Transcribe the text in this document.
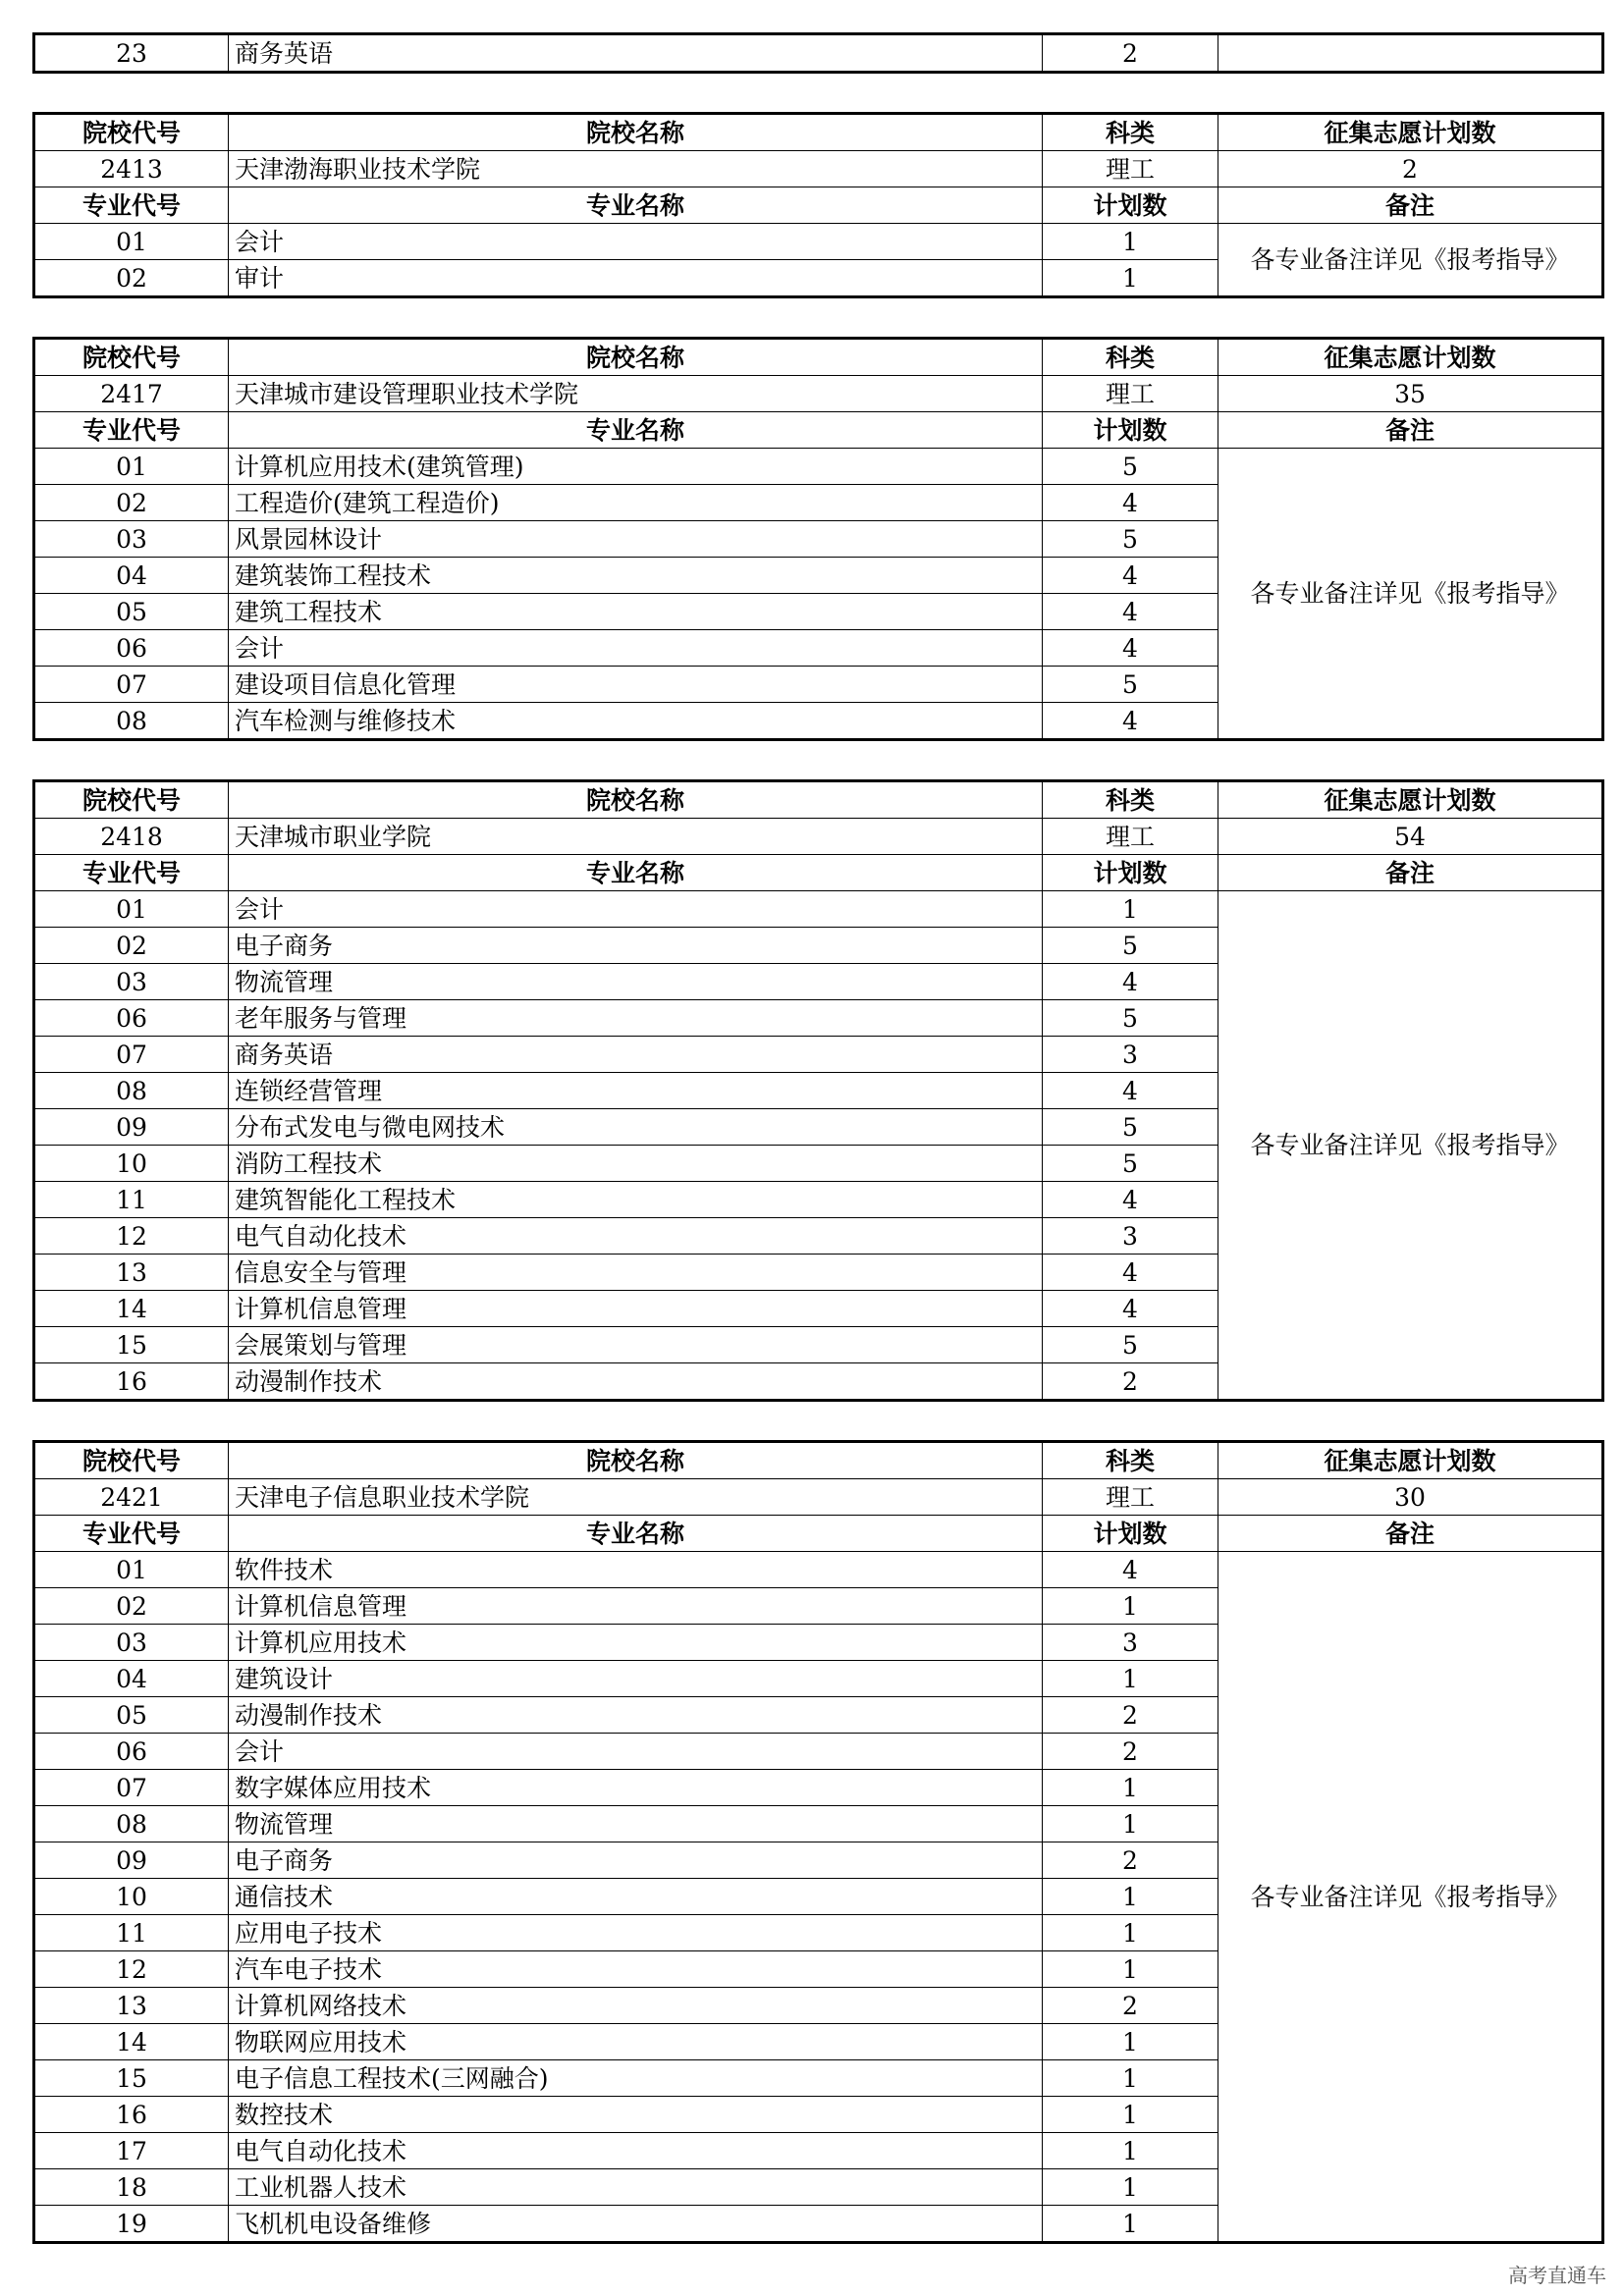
23	商务英语	2	
院校代号	院校名称	科类	征集志愿计划数
2413	天津渤海职业技术学院	理工	2
专业代号	专业名称	计划数	备注
01	会计	1	各专业备注详见《报考指导》
02	审计	1	
院校代号	院校名称	科类	征集志愿计划数
2417	天津城市建设管理职业技术学院	理工	35
专业代号	专业名称	计划数	备注
01	计算机应用技术(建筑管理)	5	各专业备注详见《报考指导》
02	工程造价(建筑工程造价)	4	
03	风景园林设计	5	
04	建筑装饰工程技术	4	
05	建筑工程技术	4	
06	会计	4	
07	建设项目信息化管理	5	
08	汽车检测与维修技术	4	
院校代号	院校名称	科类	征集志愿计划数
2418	天津城市职业学院	理工	54
专业代号	专业名称	计划数	备注
01	会计	1	各专业备注详见《报考指导》
02	电子商务	5	
03	物流管理	4	
06	老年服务与管理	5	
07	商务英语	3	
08	连锁经营管理	4	
09	分布式发电与微电网技术	5	
10	消防工程技术	5	
11	建筑智能化工程技术	4	
12	电气自动化技术	3	
13	信息安全与管理	4	
14	计算机信息管理	4	
15	会展策划与管理	5	
16	动漫制作技术	2	
院校代号	院校名称	科类	征集志愿计划数
2421	天津电子信息职业技术学院	理工	30
专业代号	专业名称	计划数	备注
01	软件技术	4	各专业备注详见《报考指导》
02	计算机信息管理	1	
03	计算机应用技术	3	
04	建筑设计	1	
05	动漫制作技术	2	
06	会计	2	
07	数字媒体应用技术	1	
08	物流管理	1	
09	电子商务	2	
10	通信技术	1	
11	应用电子技术	1	
12	汽车电子技术	1	
13	计算机网络技术	2	
14	物联网应用技术	1	
15	电子信息工程技术(三网融合)	1	
16	数控技术	1	
17	电气自动化技术	1	
18	工业机器人技术	1	
19	飞机机电设备维修	1	
高考直通车
